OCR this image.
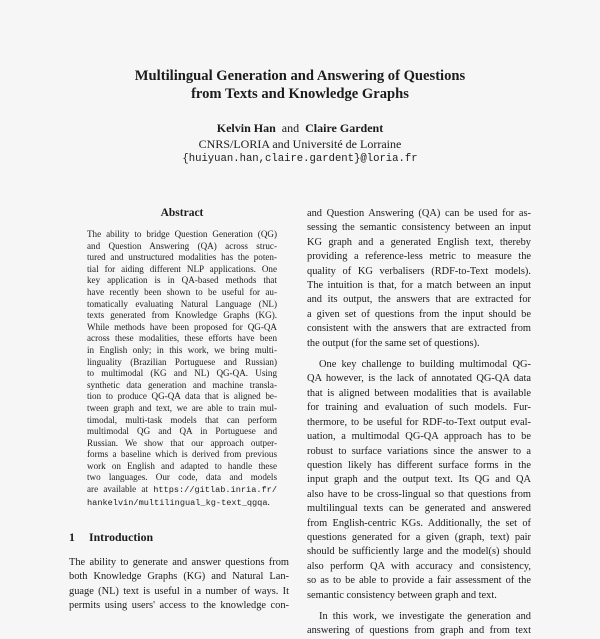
Multilingual Generation and Answering of Questions
from Texts and Knowledge Graphs
Kelvin Han and Claire Gardent
CNRS/LORIA and Université de Lorraine
{huiyuan.han,claire.gardent}@loria.fr
Abstract
The ability to bridge Question Generation (QG)
and Question Answering (QA) across struc-
tured and unstructured modalities has the poten-
tial for aiding different NLP applications. One
key application is in QA-based methods that
have recently been shown to be useful for au-
tomatically evaluating Natural Language (NL)
texts generated from Knowledge Graphs (KG).
While methods have been proposed for QG-QA
across these modalities, these efforts have been
in English only; in this work, we bring multi-
linguality (Brazilian Portuguese and Russian)
to multimodal (KG and NL) QG-QA. Using
synthetic data generation and machine transla-
tion to produce QG-QA data that is aligned be-
tween graph and text, we are able to train mul-
timodal, multi-task models that can perform
multimodal QG and QA in Portuguese and
Russian. We show that our approach outper-
forms a baseline which is derived from previous
work on English and adapted to handle these
two languages. Our code, data and models
are available at https://gitlab.inria.fr/
hankelvin/multilingual_kg-text_qgqa.
1 Introduction
The ability to generate and answer questions from
both Knowledge Graphs (KG) and Natural Lan-
guage (NL) text is useful in a number of ways. It
permits using users' access to the knowledge con-
and Question Answering (QA) can be used for as-
sessing the semantic consistency between an input
KG graph and a generated English text, thereby
providing a reference-less metric to measure the
quality of KG verbalisers (RDF-to-Text models).
The intuition is that, for a match between an input
and its output, the answers that are extracted for
a given set of questions from the input should be
consistent with the answers that are extracted from
the output (for the same set of questions).
One key challenge to building multimodal QG-
QA however, is the lack of annotated QG-QA data
that is aligned between modalities that is available
for training and evaluation of such models. Fur-
thermore, to be useful for RDF-to-Text output eval-
uation, a multimodal QG-QA approach has to be
robust to surface variations since the answer to a
question likely has different surface forms in the
input graph and the output text. Its QG and QA
also have to be cross-lingual so that questions from
multilingual texts can be generated and answered
from English-centric KGs. Additionally, the set of
questions generated for a given (graph, text) pair
should be sufficiently large and the model(s) should
also perform QA with accuracy and consistency,
so as to be able to provide a fair assessment of the
semantic consistency between graph and text.
In this work, we investigate the generation and
answering of questions from graph and from text
